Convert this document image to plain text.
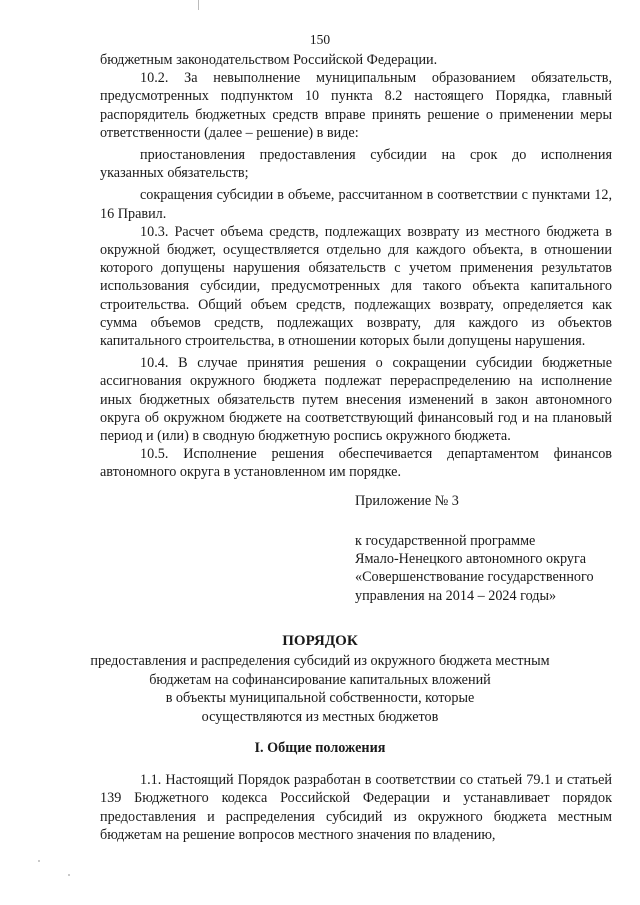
150

бюджетным законодательством Российской Федерации.

10.2. За невыполнение муниципальным образованием обязательств, предусмотренных подпунктом 10 пункта 8.2 настоящего Порядка, главный распорядитель бюджетных средств вправе принять решение о применении меры ответственности (далее – решение) в виде:

приостановления предоставления субсидии на срок до исполнения указанных обязательств;

сокращения субсидии в объеме, рассчитанном в соответствии с пунктами 12, 16 Правил.

10.3. Расчет объема средств, подлежащих возврату из местного бюджета в окружной бюджет, осуществляется отдельно для каждого объекта, в отношении которого допущены нарушения обязательств с учетом применения результатов использования субсидии, предусмотренных для такого объекта капитального строительства. Общий объем средств, подлежащих возврату, определяется как сумма объемов средств, подлежащих возврату, для каждого из объектов капитального строительства, в отношении которых были допущены нарушения.

10.4. В случае принятия решения о сокращении субсидии бюджетные ассигнования окружного бюджета подлежат перераспределению на исполнение иных бюджетных обязательств путем внесения изменений в закон автономного округа об окружном бюджете на соответствующий финансовый год и на плановый период и (или) в сводную бюджетную роспись окружного бюджета.

10.5. Исполнение решения обеспечивается департаментом финансов автономного округа в установленном им порядке.

Приложение № 3
к государственной программе
Ямало-Ненецкого автономного округа
«Совершенствование государственного
управления на 2014 – 2024 годы»
ПОРЯДОК
предоставления и распределения субсидий из окружного бюджета местным
бюджетам на софинансирование капитальных вложений
в объекты муниципальной собственности, которые
осуществляются из местных бюджетов
I. Общие положения

1.1. Настоящий Порядок разработан в соответствии со статьей 79.1 и статьей 139 Бюджетного кодекса Российской Федерации и устанавливает порядок предоставления и распределения субсидий из окружного бюджета местным бюджетам на решение вопросов местного значения по владению,
